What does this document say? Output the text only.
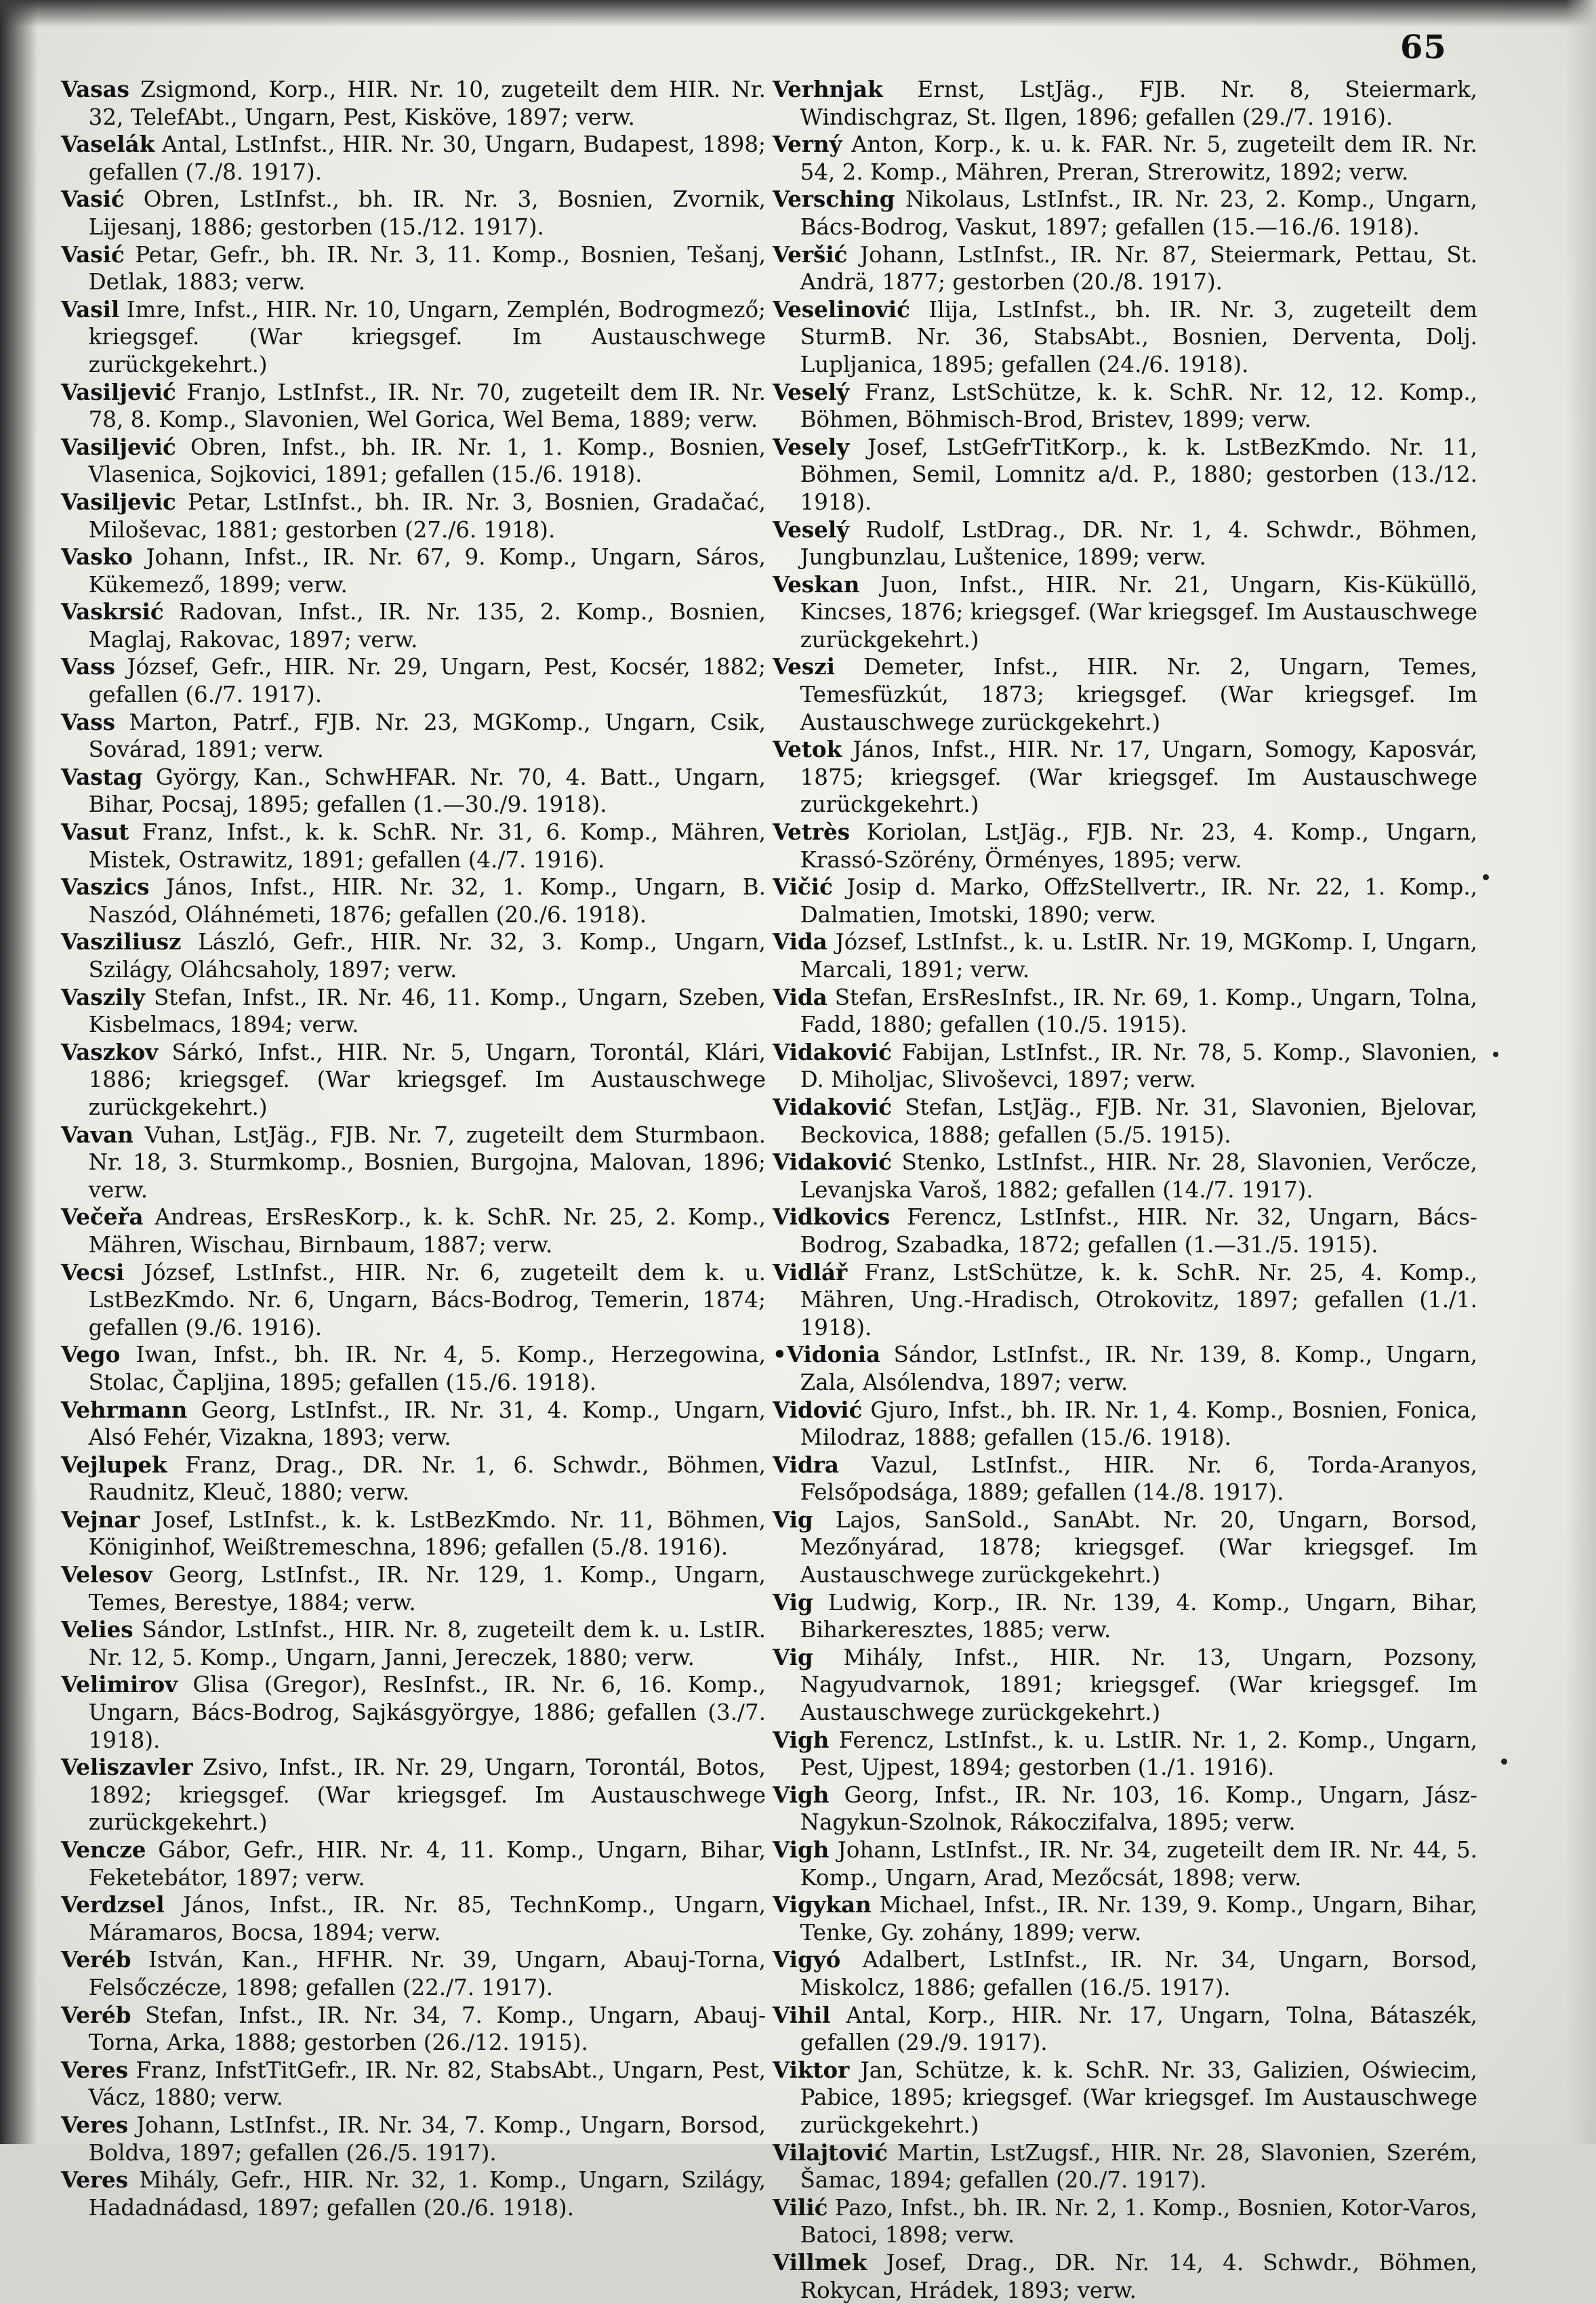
65

Vasas Zsigmond, Korp., HIR. Nr. 10, zugeteilt dem HIR. Nr. 32, TelefAbt., Ungarn, Pest, Kisköve, 1897; verw.

Vaselák Antal, LstInfst., HIR. Nr. 30, Ungarn, Budapest, 1898; gefallen (7./8. 1917).

Vasić Obren, LstInfst., bh. IR. Nr. 3, Bosnien, Zvornik, Lijesanj, 1886; gestorben (15./12. 1917).

Vasić Petar, Gefr., bh. IR. Nr. 3, 11. Komp., Bosnien, Tešanj, Detlak, 1883; verw.

Vasil Imre, Infst., HIR. Nr. 10, Ungarn, Zemplén, Bodrogmező; kriegsgef. (War kriegsgef. Im Austauschwege zurückgekehrt.)

Vasiljević Franjo, LstInfst., IR. Nr. 70, zugeteilt dem IR. Nr. 78, 8. Komp., Slavonien, Wel Gorica, Wel Bema, 1889; verw.

Vasiljević Obren, Infst., bh. IR. Nr. 1, 1. Komp., Bosnien, Vlasenica, Sojkovici, 1891; gefallen (15./6. 1918).

Vasiljevic Petar, LstInfst., bh. IR. Nr. 3, Bosnien, Gradačać, Miloševac, 1881; gestorben (27./6. 1918).

Vasko Johann, Infst., IR. Nr. 67, 9. Komp., Ungarn, Sáros, Kükemező, 1899; verw.

Vaskrsić Radovan, Infst., IR. Nr. 135, 2. Komp., Bosnien, Maglaj, Rakovac, 1897; verw.

Vass József, Gefr., HIR. Nr. 29, Ungarn, Pest, Kocsér, 1882; gefallen (6./7. 1917).

Vass Marton, Patrf., FJB. Nr. 23, MGKomp., Ungarn, Csik, Sovárad, 1891; verw.

Vastag György, Kan., SchwHFAR. Nr. 70, 4. Batt., Ungarn, Bihar, Pocsaj, 1895; gefallen (1.—30./9. 1918).

Vasut Franz, Infst., k. k. SchR. Nr. 31, 6. Komp., Mähren, Mistek, Ostrawitz, 1891; gefallen (4./7. 1916).

Vaszics János, Infst., HIR. Nr. 32, 1. Komp., Ungarn, B. Naszód, Oláhnémeti, 1876; gefallen (20./6. 1918).

Vasziliusz László, Gefr., HIR. Nr. 32, 3. Komp., Ungarn, Szilágy, Oláhcsaholy, 1897; verw.

Vaszily Stefan, Infst., IR. Nr. 46, 11. Komp., Ungarn, Szeben, Kisbelmacs, 1894; verw.

Vaszkov Sárkó, Infst., HIR. Nr. 5, Ungarn, Torontál, Klári, 1886; kriegsgef. (War kriegsgef. Im Austauschwege zurückgekehrt.)

Vavan Vuhan, LstJäg., FJB. Nr. 7, zugeteilt dem Sturmbaon. Nr. 18, 3. Sturmkomp., Bosnien, Burgojna, Malovan, 1896; verw.

Večeřa Andreas, ErsResKorp., k. k. SchR. Nr. 25, 2. Komp., Mähren, Wischau, Birnbaum, 1887; verw.

Vecsi József, LstInfst., HIR. Nr. 6, zugeteilt dem k. u. LstBezKmdo. Nr. 6, Ungarn, Bács-Bodrog, Temerin, 1874; gefallen (9./6. 1916).

Vego Iwan, Infst., bh. IR. Nr. 4, 5. Komp., Herzegowina, Stolac, Čapljina, 1895; gefallen (15./6. 1918).

Vehrmann Georg, LstInfst., IR. Nr. 31, 4. Komp., Ungarn, Alsó Fehér, Vizakna, 1893; verw.

Vejlupek Franz, Drag., DR. Nr. 1, 6. Schwdr., Böhmen, Raudnitz, Kleuč, 1880; verw.

Vejnar Josef, LstInfst., k. k. LstBezKmdo. Nr. 11, Böhmen, Königinhof, Weißtremeschna, 1896; gefallen (5./8. 1916).

Velesov Georg, LstInfst., IR. Nr. 129, 1. Komp., Ungarn, Temes, Berestye, 1884; verw.

Velies Sándor, LstInfst., HIR. Nr. 8, zugeteilt dem k. u. LstIR. Nr. 12, 5. Komp., Ungarn, Janni, Jereczek, 1880; verw.

Velimirov Glisa (Gregor), ResInfst., IR. Nr. 6, 16. Komp., Ungarn, Bács-Bodrog, Sajkásgyörgye, 1886; gefallen (3./7. 1918).

Veliszavler Zsivo, Infst., IR. Nr. 29, Ungarn, Torontál, Botos, 1892; kriegsgef. (War kriegsgef. Im Austauschwege zurückgekehrt.)

Vencze Gábor, Gefr., HIR. Nr. 4, 11. Komp., Ungarn, Bihar, Feketebátor, 1897; verw.

Verdzsel János, Infst., IR. Nr. 85, TechnKomp., Ungarn, Máramaros, Bocsa, 1894; verw.

Veréb István, Kan., HFHR. Nr. 39, Ungarn, Abauj-Torna, Felsőczécze, 1898; gefallen (22./7. 1917).

Veréb Stefan, Infst., IR. Nr. 34, 7. Komp., Ungarn, Abauj-Torna, Arka, 1888; gestorben (26./12. 1915).

Veres Franz, InfstTitGefr., IR. Nr. 82, StabsAbt., Ungarn, Pest, Vácz, 1880; verw.

Veres Johann, LstInfst., IR. Nr. 34, 7. Komp., Ungarn, Borsod, Boldva, 1897; gefallen (26./5. 1917).

Veres Mihály, Gefr., HIR. Nr. 32, 1. Komp., Ungarn, Szilágy, Hadadnádasd, 1897; gefallen (20./6. 1918).

Verhnjak Ernst, LstJäg., FJB. Nr. 8, Steiermark, Windischgraz, St. Ilgen, 1896; gefallen (29./7. 1916).

Verný Anton, Korp., k. u. k. FAR. Nr. 5, zugeteilt dem IR. Nr. 54, 2. Komp., Mähren, Preran, Strerowitz, 1892; verw.

Versching Nikolaus, LstInfst., IR. Nr. 23, 2. Komp., Ungarn, Bács-Bodrog, Vaskut, 1897; gefallen (15.—16./6. 1918).

Veršić Johann, LstInfst., IR. Nr. 87, Steiermark, Pettau, St. Andrä, 1877; gestorben (20./8. 1917).

Veselinović Ilija, LstInfst., bh. IR. Nr. 3, zugeteilt dem SturmB. Nr. 36, StabsAbt., Bosnien, Derventa, Dolj. Lupljanica, 1895; gefallen (24./6. 1918).

Veselý Franz, LstSchütze, k. k. SchR. Nr. 12, 12. Komp., Böhmen, Böhmisch-Brod, Bristev, 1899; verw.

Vesely Josef, LstGefrTitKorp., k. k. LstBezKmdo. Nr. 11, Böhmen, Semil, Lomnitz a/d. P., 1880; gestorben (13./12. 1918).

Veselý Rudolf, LstDrag., DR. Nr. 1, 4. Schwdr., Böhmen, Jungbunzlau, Luštenice, 1899; verw.

Veskan Juon, Infst., HIR. Nr. 21, Ungarn, Kis-Küküllö, Kincses, 1876; kriegsgef. (War kriegsgef. Im Austauschwege zurückgekehrt.)

Veszi Demeter, Infst., HIR. Nr. 2, Ungarn, Temes, Temesfüzkút, 1873; kriegsgef. (War kriegsgef. Im Austauschwege zurückgekehrt.)

Vetok János, Infst., HIR. Nr. 17, Ungarn, Somogy, Kaposvár, 1875; kriegsgef. (War kriegsgef. Im Austauschwege zurückgekehrt.)

Vetrès Koriolan, LstJäg., FJB. Nr. 23, 4. Komp., Ungarn, Krassó-Szörény, Örményes, 1895; verw.

Vičić Josip d. Marko, OffzStellvertr., IR. Nr. 22, 1. Komp., Dalmatien, Imotski, 1890; verw.

Vida József, LstInfst., k. u. LstIR. Nr. 19, MGKomp. I, Ungarn, Marcali, 1891; verw.

Vida Stefan, ErsResInfst., IR. Nr. 69, 1. Komp., Ungarn, Tolna, Fadd, 1880; gefallen (10./5. 1915).

Vidaković Fabijan, LstInfst., IR. Nr. 78, 5. Komp., Slavonien, D. Miholjac, Slivoševci, 1897; verw.

Vidaković Stefan, LstJäg., FJB. Nr. 31, Slavonien, Bjelovar, Beckovica, 1888; gefallen (5./5. 1915).

Vidaković Stenko, LstInfst., HIR. Nr. 28, Slavonien, Verőcze, Levanjska Varoš, 1882; gefallen (14./7. 1917).

Vidkovics Ferencz, LstInfst., HIR. Nr. 32, Ungarn, Bács-Bodrog, Szabadka, 1872; gefallen (1.—31./5. 1915).

Vidlář Franz, LstSchütze, k. k. SchR. Nr. 25, 4. Komp., Mähren, Ung.-Hradisch, Otrokovitz, 1897; gefallen (1./1. 1918).

•Vidonia Sándor, LstInfst., IR. Nr. 139, 8. Komp., Ungarn, Zala, Alsólendva, 1897; verw.

Vidović Gjuro, Infst., bh. IR. Nr. 1, 4. Komp., Bosnien, Fonica, Milodraz, 1888; gefallen (15./6. 1918).

Vidra Vazul, LstInfst., HIR. Nr. 6, Torda-Aranyos, Felsőpodsága, 1889; gefallen (14./8. 1917).

Vig Lajos, SanSold., SanAbt. Nr. 20, Ungarn, Borsod, Mezőnyárad, 1878; kriegsgef. (War kriegsgef. Im Austauschwege zurückgekehrt.)

Vig Ludwig, Korp., IR. Nr. 139, 4. Komp., Ungarn, Bihar, Biharkeresztes, 1885; verw.

Vig Mihály, Infst., HIR. Nr. 13, Ungarn, Pozsony, Nagyudvarnok, 1891; kriegsgef. (War kriegsgef. Im Austauschwege zurückgekehrt.)

Vigh Ferencz, LstInfst., k. u. LstIR. Nr. 1, 2. Komp., Ungarn, Pest, Ujpest, 1894; gestorben (1./1. 1916).

Vigh Georg, Infst., IR. Nr. 103, 16. Komp., Ungarn, Jász-Nagykun-Szolnok, Rákoczifalva, 1895; verw.

Vigh Johann, LstInfst., IR. Nr. 34, zugeteilt dem IR. Nr. 44, 5. Komp., Ungarn, Arad, Mezőcsát, 1898; verw.

Vigykan Michael, Infst., IR. Nr. 139, 9. Komp., Ungarn, Bihar, Tenke, Gy. zohány, 1899; verw.

Vigyó Adalbert, LstInfst., IR. Nr. 34, Ungarn, Borsod, Miskolcz, 1886; gefallen (16./5. 1917).

Vihil Antal, Korp., HIR. Nr. 17, Ungarn, Tolna, Bátaszék, gefallen (29./9. 1917).

Viktor Jan, Schütze, k. k. SchR. Nr. 33, Galizien, Oświecim, Pabice, 1895; kriegsgef. (War kriegsgef. Im Austauschwege zurückgekehrt.)

Vilajtović Martin, LstZugsf., HIR. Nr. 28, Slavonien, Szerém, Šamac, 1894; gefallen (20./7. 1917).

Vilić Pazo, Infst., bh. IR. Nr. 2, 1. Komp., Bosnien, Kotor-Varos, Batoci, 1898; verw.

Villmek Josef, Drag., DR. Nr. 14, 4. Schwdr., Böhmen, Rokycan, Hrádek, 1893; verw.
